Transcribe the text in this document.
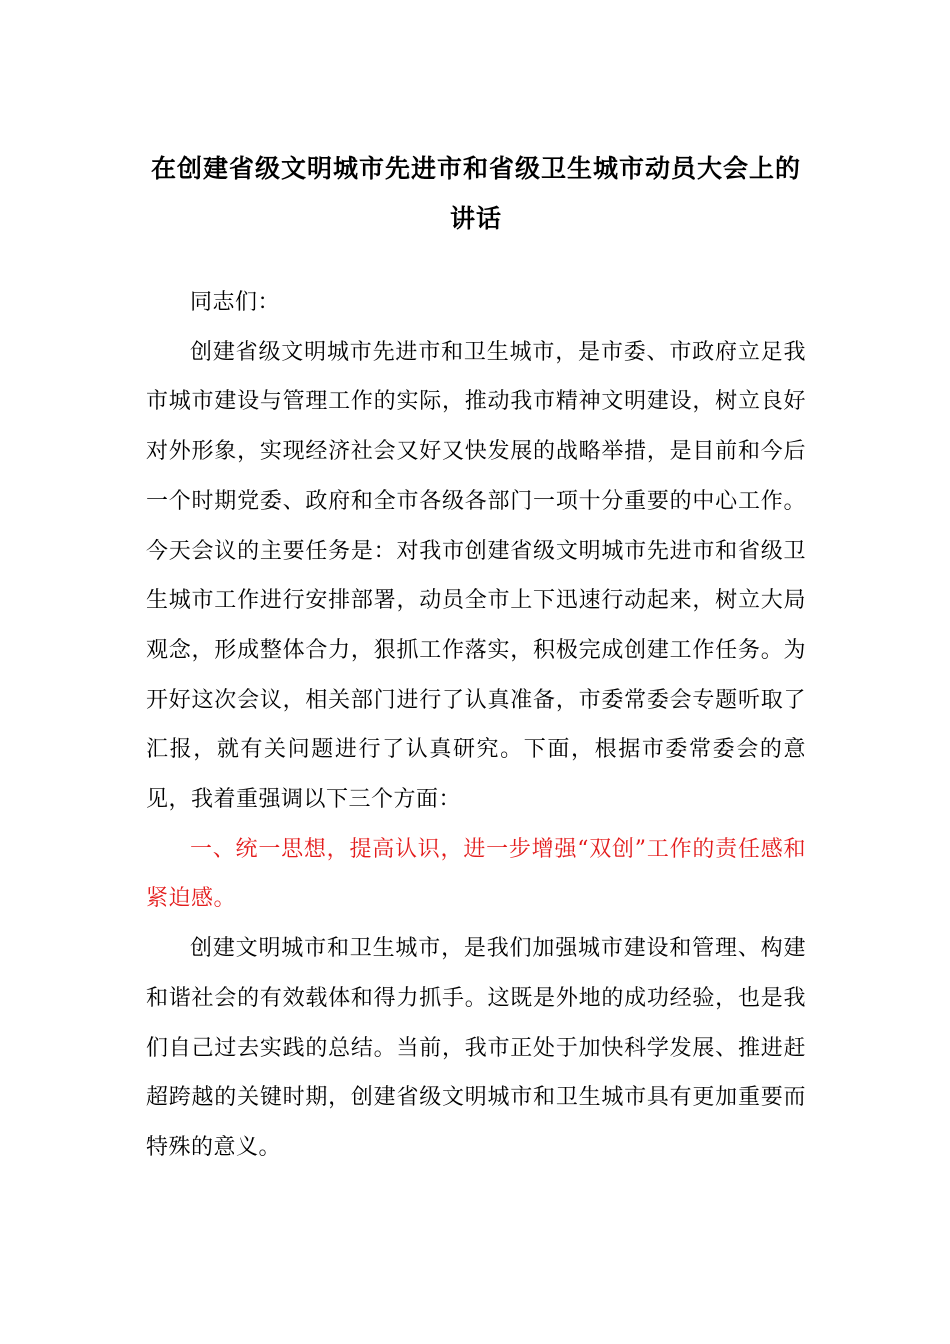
在创建省级文明城市先进市和省级卫生城市动员大会上的讲话

同志们：

创建省级文明城市先进市和卫生城市，是市委、市政府立足我市城市建设与管理工作的实际，推动我市精神文明建设，树立良好对外形象，实现经济社会又好又快发展的战略举措，是目前和今后一个时期党委、政府和全市各级各部门一项十分重要的中心工作。今天会议的主要任务是：对我市创建省级文明城市先进市和省级卫生城市工作进行安排部署，动员全市上下迅速行动起来，树立大局观念，形成整体合力，狠抓工作落实，积极完成创建工作任务。为开好这次会议，相关部门进行了认真准备，市委常委会专题听取了汇报，就有关问题进行了认真研究。下面，根据市委常委会的意见，我着重强调以下三个方面：

一、统一思想，提高认识，进一步增强“双创”工作的责任感和紧迫感。

创建文明城市和卫生城市，是我们加强城市建设和管理、构建和谐社会的有效载体和得力抓手。这既是外地的成功经验，也是我们自己过去实践的总结。当前，我市正处于加快科学发展、推进赶超跨越的关键时期，创建省级文明城市和卫生城市具有更加重要而特殊的意义。
